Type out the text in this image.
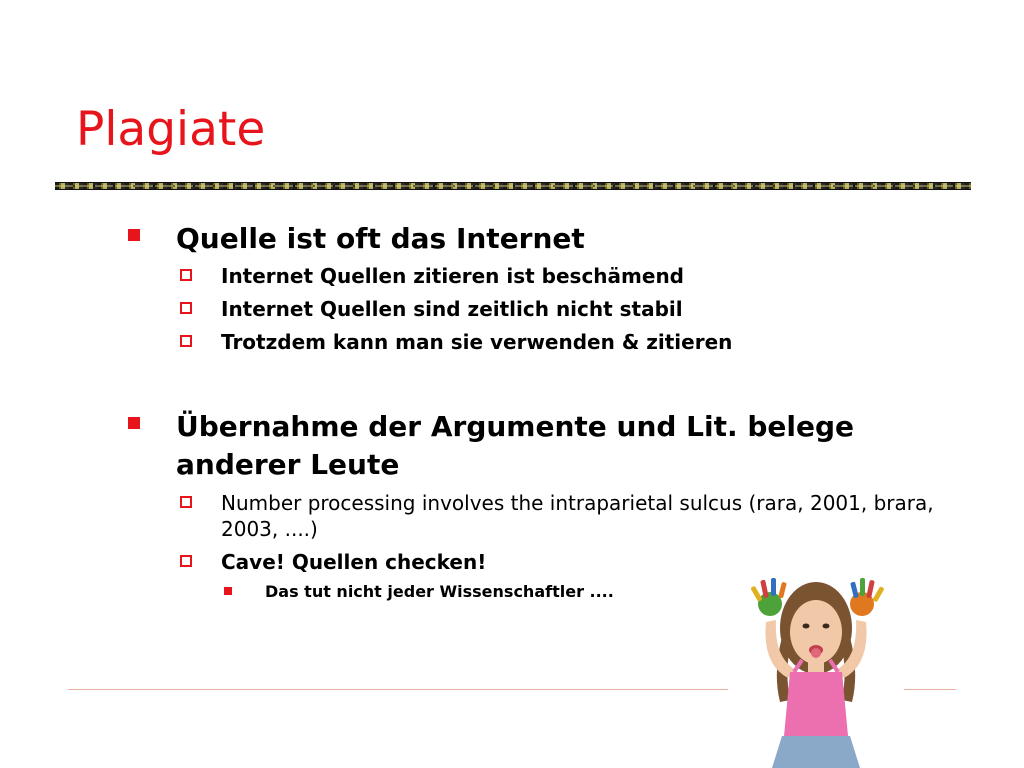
Plagiate
Quelle ist oft das Internet
Internet Quellen zitieren ist beschämend
Internet Quellen sind zeitlich nicht stabil
Trotzdem kann man sie verwenden & zitieren
Übernahme der Argumente und Lit. belege anderer Leute
Number processing involves the intraparietal sulcus (rara, 2001, brara, 2003, ....)
Cave! Quellen checken!
Das tut nicht jeder Wissenschaftler ....
